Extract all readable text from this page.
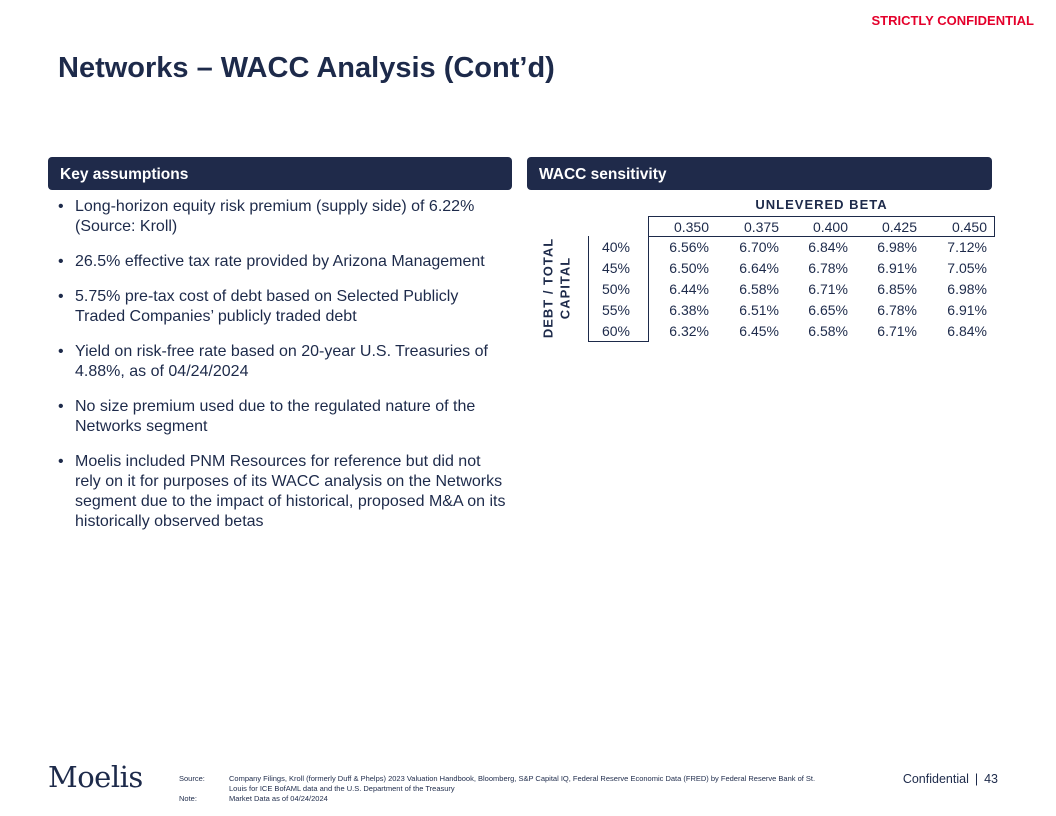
STRICTLY CONFIDENTIAL
Networks – WACC Analysis (Cont’d)
Key assumptions
• Long-horizon equity risk premium (supply side) of 6.22% (Source: Kroll)
• 26.5% effective tax rate provided by Arizona Management
• 5.75% pre-tax cost of debt based on Selected Publicly Traded Companies’ publicly traded debt
• Yield on risk-free rate based on 20-year U.S. Treasuries of 4.88%, as of 04/24/2024
• No size premium used due to the regulated nature of the Networks segment
• Moelis included PNM Resources for reference but did not rely on it for purposes of its WACC analysis on the Networks segment due to the impact of historical, proposed M&A on its historically observed betas
WACC sensitivity
UNLEVERED BETA
DEBT / TOTAL CAPITAL
0.350	0.375	0.400	0.425	0.450
40%	6.56%	6.70%	6.84%	6.98%	7.12%
45%	6.50%	6.64%	6.78%	6.91%	7.05%
50%	6.44%	6.58%	6.71%	6.85%	6.98%
55%	6.38%	6.51%	6.65%	6.78%	6.91%
60%	6.32%	6.45%	6.58%	6.71%	6.84%
Moelis	Source:	Company Filings, Kroll (formerly Duff & Phelps) 2023 Valuation Handbook, Bloomberg, S&P Capital IQ, Federal Reserve Economic Data (FRED) by Federal Reserve Bank of St.
Louis for ICE BofAML data and the U.S. Department of the Treasury
Note:	Market Data as of 04/24/2024
Confidential | 43
